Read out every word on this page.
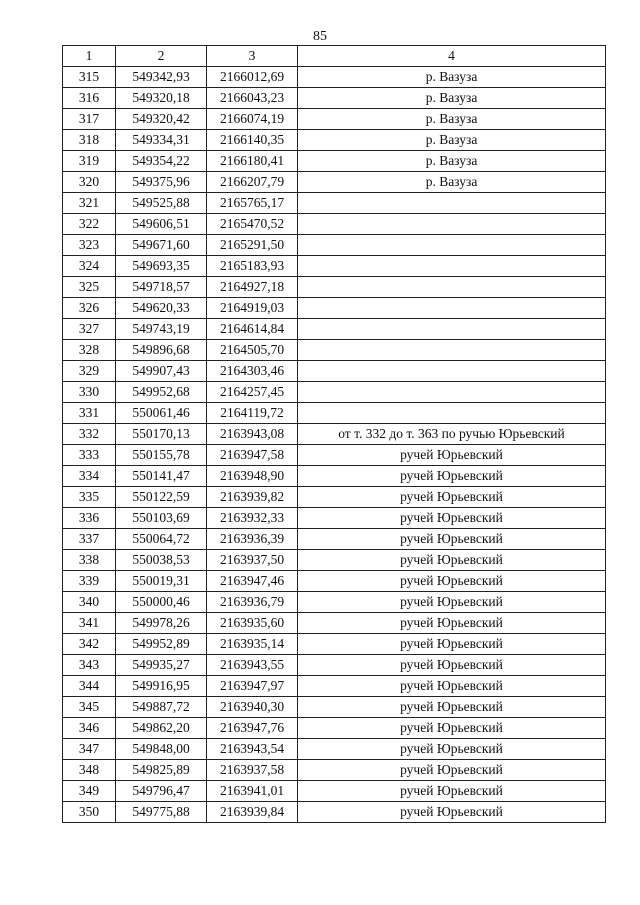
85
1	2	3	4
315	549342,93	2166012,69	р. Вазуза
316	549320,18	2166043,23	р. Вазуза
317	549320,42	2166074,19	р. Вазуза
318	549334,31	2166140,35	р. Вазуза
319	549354,22	2166180,41	р. Вазуза
320	549375,96	2166207,79	р. Вазуза
321	549525,88	2165765,17	
322	549606,51	2165470,52	
323	549671,60	2165291,50	
324	549693,35	2165183,93	
325	549718,57	2164927,18	
326	549620,33	2164919,03	
327	549743,19	2164614,84	
328	549896,68	2164505,70	
329	549907,43	2164303,46	
330	549952,68	2164257,45	
331	550061,46	2164119,72	
332	550170,13	2163943,08	от т. 332 до т. 363 по ручью Юрьевский
333	550155,78	2163947,58	ручей Юрьевский
334	550141,47	2163948,90	ручей Юрьевский
335	550122,59	2163939,82	ручей Юрьевский
336	550103,69	2163932,33	ручей Юрьевский
337	550064,72	2163936,39	ручей Юрьевский
338	550038,53	2163937,50	ручей Юрьевский
339	550019,31	2163947,46	ручей Юрьевский
340	550000,46	2163936,79	ручей Юрьевский
341	549978,26	2163935,60	ручей Юрьевский
342	549952,89	2163935,14	ручей Юрьевский
343	549935,27	2163943,55	ручей Юрьевский
344	549916,95	2163947,97	ручей Юрьевский
345	549887,72	2163940,30	ручей Юрьевский
346	549862,20	2163947,76	ручей Юрьевский
347	549848,00	2163943,54	ручей Юрьевский
348	549825,89	2163937,58	ручей Юрьевский
349	549796,47	2163941,01	ручей Юрьевский
350	549775,88	2163939,84	ручей Юрьевский
